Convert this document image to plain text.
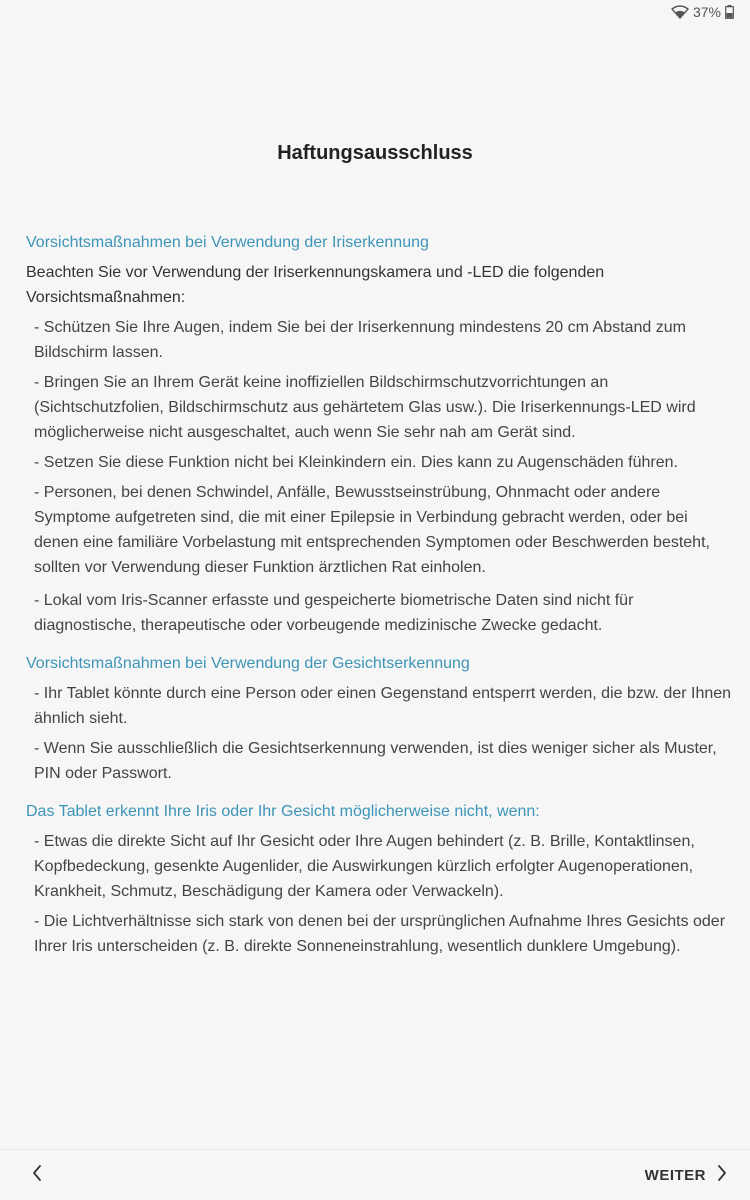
37%
Haftungsausschluss

Vorsichtsmaßnahmen bei Verwendung der Iriserkennung

Beachten Sie vor Verwendung der Iriserkennungskamera und -LED die folgenden Vorsichtsmaßnahmen:

- Schützen Sie Ihre Augen, indem Sie bei der Iriserkennung mindestens 20 cm Abstand zum Bildschirm lassen.

- Bringen Sie an Ihrem Gerät keine inoffiziellen Bildschirmschutzvorrichtungen an (Sichtschutzfolien, Bildschirmschutz aus gehärtetem Glas usw.). Die Iriserkennungs-LED wird möglicherweise nicht ausgeschaltet, auch wenn Sie sehr nah am Gerät sind.

- Setzen Sie diese Funktion nicht bei Kleinkindern ein. Dies kann zu Augenschäden führen.

- Personen, bei denen Schwindel, Anfälle, Bewusstseinstrübung, Ohnmacht oder andere Symptome aufgetreten sind, die mit einer Epilepsie in Verbindung gebracht werden, oder bei denen eine familiäre Vorbelastung mit entsprechenden Symptomen oder Beschwerden besteht, sollten vor Verwendung dieser Funktion ärztlichen Rat einholen.

- Lokal vom Iris-Scanner erfasste und gespeicherte biometrische Daten sind nicht für diagnostische, therapeutische oder vorbeugende medizinische Zwecke gedacht.

Vorsichtsmaßnahmen bei Verwendung der Gesichtserkennung

- Ihr Tablet könnte durch eine Person oder einen Gegenstand entsperrt werden, die bzw. der Ihnen ähnlich sieht.

- Wenn Sie ausschließlich die Gesichtserkennung verwenden, ist dies weniger sicher als Muster, PIN oder Passwort.

Das Tablet erkennt Ihre Iris oder Ihr Gesicht möglicherweise nicht, wenn:

- Etwas die direkte Sicht auf Ihr Gesicht oder Ihre Augen behindert (z. B. Brille, Kontaktlinsen, Kopfbedeckung, gesenkte Augenlider, die Auswirkungen kürzlich erfolgter Augenoperationen, Krankheit, Schmutz, Beschädigung der Kamera oder Verwackeln).

- Die Lichtverhältnisse sich stark von denen bei der ursprünglichen Aufnahme Ihres Gesichts oder Ihrer Iris unterscheiden (z. B. direkte Sonneneinstrahlung, wesentlich dunklere Umgebung).

WEITER
